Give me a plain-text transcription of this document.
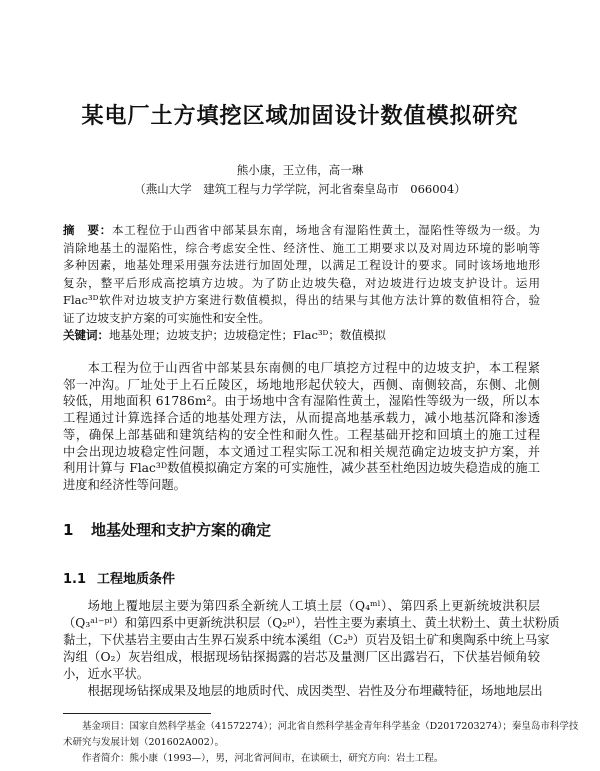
某电厂土方填挖区域加固设计数值模拟研究
熊小康，王立伟，高一琳
（燕山大学　建筑工程与力学学院，河北省秦皇岛市　066004）
摘　要：本工程位于山西省中部某县东南，场地含有湿陷性黄土，湿陷性等级为一级。为
消除地基土的湿陷性，综合考虑安全性、经济性、施工工期要求以及对周边环境的影响等
多种因素，地基处理采用强夯法进行加固处理，以满足工程设计的要求。同时该场地地形
复杂，整平后形成高挖填方边坡。为了防止边坡失稳，对边坡进行边坡支护设计。运用
Flac³ᴰ软件对边坡支护方案进行数值模拟，得出的结果与其他方法计算的数值相符合，验
证了边坡支护方案的可实施性和安全性。
关键词：地基处理；边坡支护；边坡稳定性；Flac³ᴰ；数值模拟
本工程为位于山西省中部某县东南侧的电厂填挖方过程中的边坡支护，本工程紧
邻一冲沟。厂址处于上石丘陵区，场地地形起伏较大，西侧、南侧较高，东侧、北侧
较低，用地面积 61786m²。由于场地中含有湿陷性黄土，湿陷性等级为一级，所以本
工程通过计算选择合适的地基处理方法，从而提高地基承载力，减小地基沉降和渗透
等，确保上部基础和建筑结构的安全性和耐久性。工程基础开挖和回填土的施工过程
中会出现边坡稳定性问题，本文通过工程实际工况和相关规范确定边坡支护方案，并
利用计算与 Flac³ᴰ数值模拟确定方案的可实施性，减少甚至杜绝因边坡失稳造成的施工
进度和经济性等问题。
1 地基处理和支护方案的确定
1.1 工程地质条件
场地上覆地层主要为第四系全新统人工填土层（Q₄ᵐˡ）、第四系上更新统坡洪积层
（Q₃ᵃˡ⁻ᵖˡ）和第四系中更新统洪积层（Q₂ᵖˡ），岩性主要为素填土、黄土状粉土、黄土状粉质
黏土，下伏基岩主要由古生界石炭系中统本溪组（C₂ᵇ）页岩及铝土矿和奥陶系中统上马家
沟组（O₂）灰岩组成，根据现场钻探揭露的岩芯及量测厂区出露岩石，下伏基岩倾角较
小，近水平状。
根据现场钻探成果及地层的地质时代、成因类型、岩性及分布埋藏特征，场地地层出
基金项目：国家自然科学基金（41572274）；河北省自然科学基金青年科学基金（D2017203274）；秦皇岛市科学技
术研究与发展计划（201602A002）。
作者简介：熊小康（1993—），男，河北省河间市，在读硕士，研究方向：岩土工程。
